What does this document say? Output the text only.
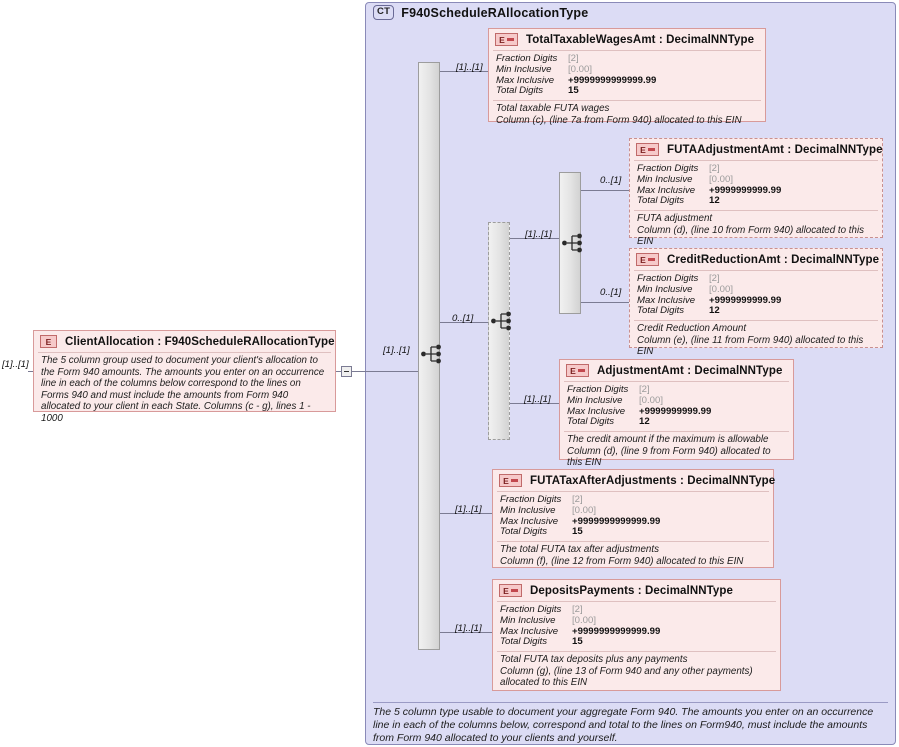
CT F940ScheduleRAllocationType
The 5 column type usable to document your aggregate Form 940. The amounts you enter on an occurrence line in each of the columns below, correspond and total to the lines on Form940, must include the amounts from Form 940 allocated to your clients and yourself.
[1]..[1]
E ClientAllocation : F940ScheduleRAllocationType
The 5 column group used to document your client's allocation to the Form 940 amounts. The amounts you enter on an occurrence line in each of the columns below correspond to the lines on Forms 940 and must include the amounts from Form 940 allocated to your client in each State. Columns (c - g), lines 1 - 1000
[1]..[1]
[1]..[1]
0..[1]
[1]..[1]
[1]..[1]
[1]..[1]
[1]..[1]
0..[1]
0..[1]
E TotalTaxableWagesAmt : DecimalNNType
Fraction Digits	[2]
Min Inclusive	[0.00]
Max Inclusive	+9999999999999.99
Total Digits	15
Total taxable FUTA wages
Column (c), (line 7a from Form 940) allocated to this EIN
E FUTAAdjustmentAmt : DecimalNNType
Fraction Digits	[2]
Min Inclusive	[0.00]
Max Inclusive	+9999999999.99
Total Digits	12
FUTA adjustment
Column (d), (line 10 from Form 940) allocated to this EIN
E CreditReductionAmt : DecimalNNType
Fraction Digits	[2]
Min Inclusive	[0.00]
Max Inclusive	+9999999999.99
Total Digits	12
Credit Reduction Amount
Column (e), (line 11 from Form 940) allocated to this EIN
E AdjustmentAmt : DecimalNNType
Fraction Digits	[2]
Min Inclusive	[0.00]
Max Inclusive	+9999999999.99
Total Digits	12
The credit amount if the maximum is allowable
Column (d), (line 9 from Form 940) allocated to this EIN
E FUTATaxAfterAdjustments : DecimalNNType
Fraction Digits	[2]
Min Inclusive	[0.00]
Max Inclusive	+9999999999999.99
Total Digits	15
The total FUTA tax after adjustments
Column (f), (line 12 from Form 940) allocated to this EIN
E DepositsPayments : DecimalNNType
Fraction Digits	[2]
Min Inclusive	[0.00]
Max Inclusive	+9999999999999.99
Total Digits	15
Total FUTA tax deposits plus any payments
Column (g), (line 13 of Form 940 and any other payments) allocated to this EIN
